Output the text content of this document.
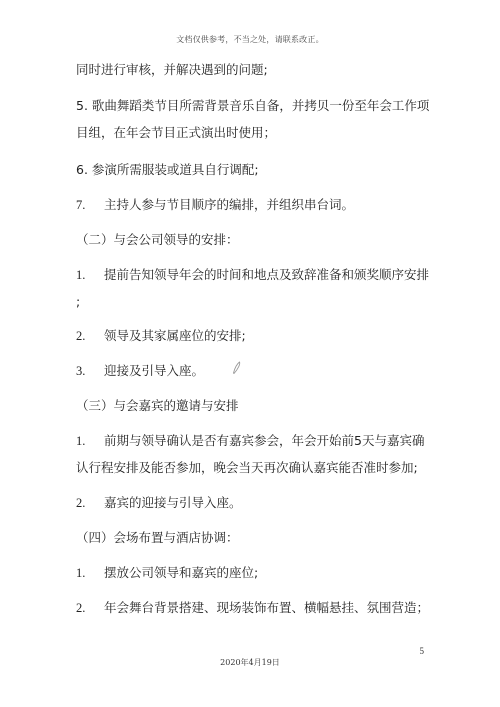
文档仅供参考，不当之处，请联系改正。
同时进行审核，并解决遇到的问题;
5. 歌曲舞蹈类节目所需背景音乐自备，并拷贝一份至年会工作项
目组，在年会节目正式演出时使用；
6. 参演所需服装或道具自行调配;
7. 主持人参与节目顺序的编排，并组织串台词。
（二）与会公司领导的安排：
1. 提前告知领导年会的时间和地点及致辞准备和颁奖顺序安排
;
2. 领导及其家属座位的安排;
3. 迎接及引导入座。
（三）与会嘉宾的邀请与安排
1. 前期与领导确认是否有嘉宾参会，年会开始前5天与嘉宾确
认行程安排及能否参加，晚会当天再次确认嘉宾能否准时参加;
2. 嘉宾的迎接与引导入座。
（四）会场布置与酒店协调：
1. 摆放公司领导和嘉宾的座位;
2. 年会舞台背景搭建、现场装饰布置、横幅悬挂、氛围营造；
5
2020年4月19日
